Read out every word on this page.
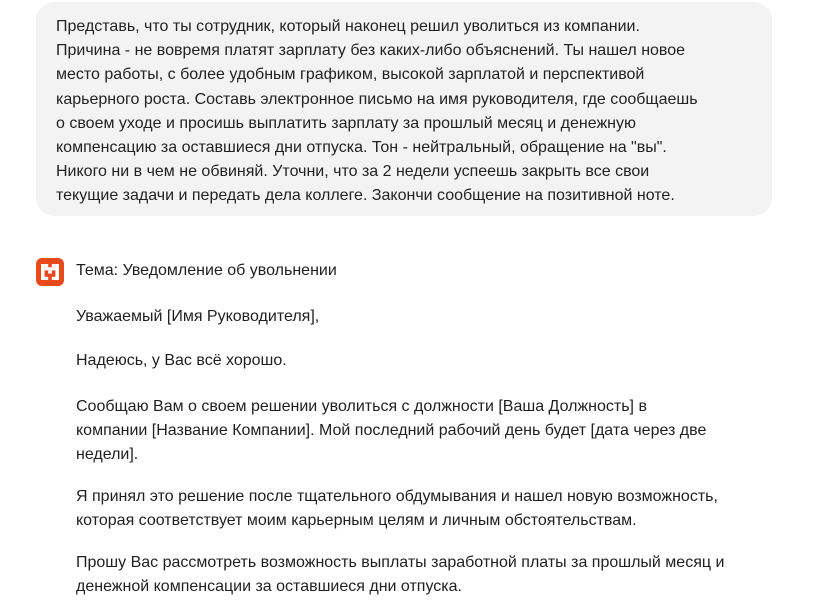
Представь, что ты сотрудник, который наконец решил уволиться из компании.
Причина - не вовремя платят зарплату без каких-либо объяснений. Ты нашел новое
место работы, с более удобным графиком, высокой зарплатой и перспективой
карьерного роста. Составь электронное письмо на имя руководителя, где сообщаешь
о своем уходе и просишь выплатить зарплату за прошлый месяц и денежную
компенсацию за оставшиеся дни отпуска. Тон - нейтральный, обращение на "вы".
Никого ни в чем не обвиняй. Уточни, что за 2 недели успеешь закрыть все свои
текущие задачи и передать дела коллеге. Закончи сообщение на позитивной ноте.
Тема: Уведомление об увольнении
Уважаемый [Имя Руководителя],
Надеюсь, у Вас всё хорошо.
Сообщаю Вам о своем решении уволиться с должности [Ваша Должность] в
компании [Название Компании]. Мой последний рабочий день будет [дата через две
недели].
Я принял это решение после тщательного обдумывания и нашел новую возможность,
которая соответствует моим карьерным целям и личным обстоятельствам.
Прошу Вас рассмотреть возможность выплаты заработной платы за прошлый месяц и
денежной компенсации за оставшиеся дни отпуска.
